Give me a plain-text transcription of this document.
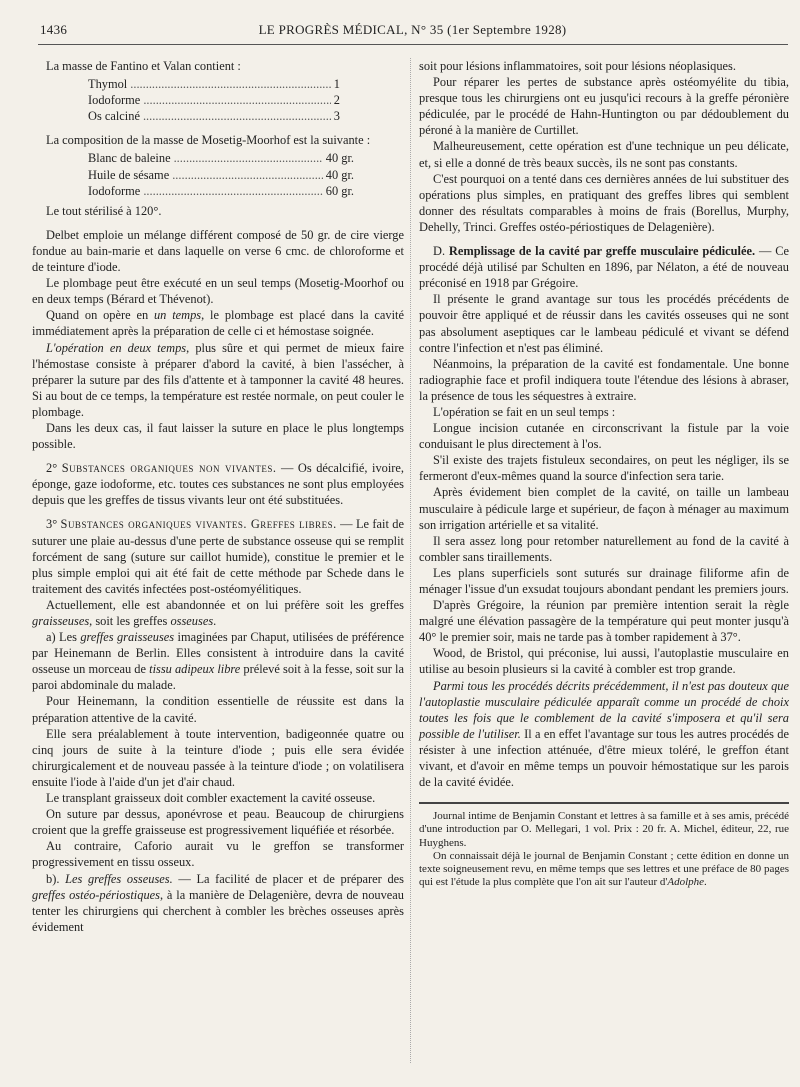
1436	LE PROGRÈS MÉDICAL, N° 35 (1er Septembre 1928)

La masse de Fantino et Valan contient :

Thymol .....	1
Iodoforme .....	2
Os calciné .....	3

La composition de la masse de Mosetig-Moorhof est la suivante :

Blanc de baleine .....	40 gr.
Huile de sésame .....	40 gr.
Iodoforme .....	60 gr.

Le tout stérilisé à 120°.

Delbet emploie un mélange différent composé de 50 gr. de cire vierge fondue au bain-marie et dans laquelle on verse 6 cmc. de chloroforme et de teinture d'iode.

Le plombage peut être exécuté en un seul temps (Mosetig-Moorhof ou en deux temps (Bérard et Thévenot).

Quand on opère en un temps, le plombage est placé dans la cavité immédiatement après la préparation de celle ci et hémostase soignée.

L'opération en deux temps, plus sûre et qui permet de mieux faire l'hémostase consiste à préparer d'abord la cavité, à bien l'assécher, à préparer la suture par des fils d'attente et à tamponner la cavité 48 heures. Si au bout de ce temps, la température est restée normale, on peut couler le plombage.

Dans les deux cas, il faut laisser la suture en place le plus longtemps possible.

2° Substances organiques non vivantes. — Os décalcifié, ivoire, éponge, gaze iodoforme, etc. toutes ces substances ne sont plus employées depuis que les greffes de tissus vivants leur ont été substituées.

3° Substances organiques vivantes. Greffes libres. — Le fait de suturer une plaie au-dessus d'une perte de substance osseuse qui se remplit forcément de sang (suture sur caillot humide), constitue le premier et le plus simple emploi qui ait été fait de cette méthode par Schede dans le traitement des cavités infectées post-ostéomyélitiques.

Actuellement, elle est abandonnée et on lui préfère soit les greffes graisseuses, soit les greffes osseuses.

a) Les greffes graisseuses imaginées par Chaput, utilisées de préférence par Heinemann de Berlin. Elles consistent à introduire dans la cavité osseuse un morceau de tissu adipeux libre prélevé soit à la fesse, soit sur la paroi abdominale du malade.

Pour Heinemann, la condition essentielle de réussite est dans la préparation attentive de la cavité.

Elle sera préalablement à toute intervention, badigeonnée quatre ou cinq jours de suite à la teinture d'iode ; puis elle sera évidée chirurgicalement et de nouveau passée à la teinture d'iode ; on volatilisera ensuite l'iode à l'aide d'un jet d'air chaud.

Le transplant graisseux doit combler exactement la cavité osseuse.

On suture par dessus, aponévrose et peau. Beaucoup de chirurgiens croient que la greffe graisseuse est progressivement liquéfiée et résorbée.

Au contraire, Caforio aurait vu le greffon se transformer progressivement en tissu osseux.

b). Les greffes osseuses. — La facilité de placer et de préparer des greffes ostéo-périostiques, à la manière de Delagenière, devra de nouveau tenter les chirurgiens qui cherchent à combler les brèches osseuses après évidement

soit pour lésions inflammatoires, soit pour lésions néoplasiques.

Pour réparer les pertes de substance après ostéomyélite du tibia, presque tous les chirurgiens ont eu jusqu'ici recours à la greffe péronière pédiculée, par le procédé de Hahn-Huntington ou par dédoublement du péroné à la manière de Curtillet.

Malheureusement, cette opération est d'une technique un peu délicate, et, si elle a donné de très beaux succès, ils ne sont pas constants.

C'est pourquoi on a tenté dans ces dernières années de lui substituer des opérations plus simples, en pratiquant des greffes libres qui semblent donner des résultats comparables à moins de frais (Borellus, Murphy, Dehelly, Trinci. Greffes ostéo-périostiques de Delagenière).

D. Remplissage de la cavité par greffe musculaire pédiculée. — Ce procédé déjà utilisé par Schulten en 1896, par Nélaton, a été de nouveau préconisé en 1918 par Grégoire.

Il présente le grand avantage sur tous les procédés précédents de pouvoir être appliqué et de réussir dans les cavités osseuses qui ne sont pas absolument aseptiques car le lambeau pédiculé et vivant se défend contre l'infection et n'est pas éliminé.

Néanmoins, la préparation de la cavité est fondamentale. Une bonne radiographie face et profil indiquera toute l'étendue des lésions à abraser, la présence de tous les séquestres à extraire.

L'opération se fait en un seul temps :

Longue incision cutanée en circonscrivant la fistule par la voie conduisant le plus directement à l'os.

S'il existe des trajets fistuleux secondaires, on peut les négliger, ils se fermeront d'eux-mêmes quand la source d'infection sera tarie.

Après évidement bien complet de la cavité, on taille un lambeau musculaire à pédicule large et supérieur, de façon à ménager au maximum son irrigation artérielle et sa vitalité.

Il sera assez long pour retomber naturellement au fond de la cavité à combler sans tiraillements.

Les plans superficiels sont suturés sur drainage filiforme afin de ménager l'issue d'un exsudat toujours abondant pendant les premiers jours.

D'après Grégoire, la réunion par première intention serait la règle malgré une élévation passagère de la température qui peut monter jusqu'à 40° le premier soir, mais ne tarde pas à tomber rapidement à 37°.

Wood, de Bristol, qui préconise, lui aussi, l'autoplastie musculaire en utilise au besoin plusieurs si la cavité à combler est trop grande.

Parmi tous les procédés décrits précédemment, il n'est pas douteux que l'autoplastie musculaire pédiculée apparaît comme un procédé de choix toutes les fois que le comblement de la cavité s'imposera et qu'il sera possible de l'utiliser. Il a en effet l'avantage sur tous les autres procédés de résister à une infection atténuée, d'être mieux toléré, le greffon étant vivant, et d'avoir en même temps un pouvoir hémostatique sur les parois de la cavité évidée.

Journal intime de Benjamin Constant et lettres à sa famille et à ses amis, précédé d'une introduction par O. Mellegari, 1 vol. Prix : 20 fr. A. Michel, éditeur, 22, rue Huyghens.

On connaissait déjà le journal de Benjamin Constant ; cette édition en donne un texte soigneusement revu, en même temps que ses lettres et une préface de 80 pages qui est l'étude la plus complète que l'on ait sur l'auteur d'Adolphe.
